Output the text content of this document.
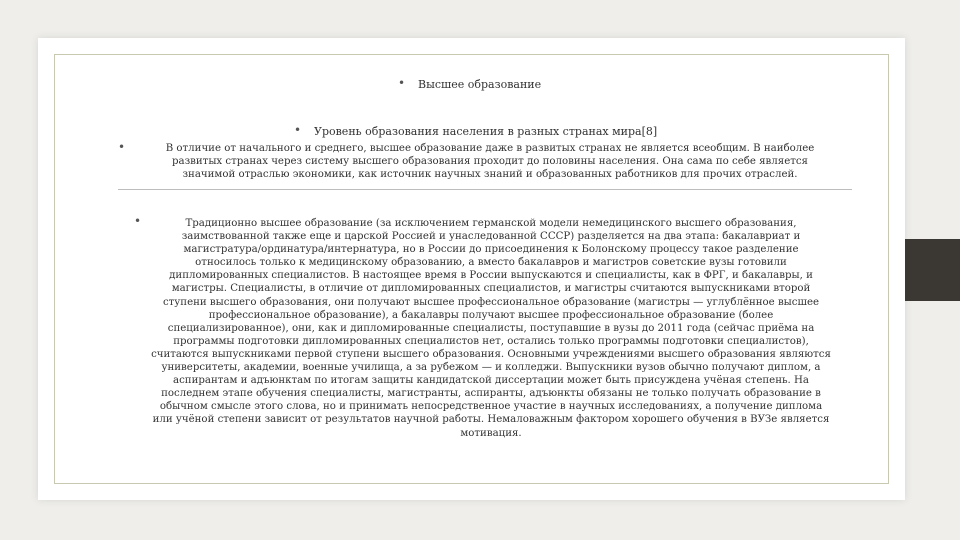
• Высшее образование
• Уровень образования населения в разных странах мира[8]
•	В отличие от начального и среднего, высшее образование даже в развитых странах не является всеобщим. В наиболее
развитых странах через систему высшего образования проходит до половины населения. Она сама по себе является
значимой отраслью экономики, как источник научных знаний и образованных работников для прочих отраслей.
•	Традиционно высшее образование (за исключением германской модели немедицинского высшего образования,
заимствованной также еще и царской Россией и унаследованной СССР) разделяется на два этапа: бакалавриат и
магистратура/ординатура/интернатура, но в России до присоединения к Болонскому процессу такое разделение
относилось только к медицинскому образованию, а вместо бакалавров и магистров советские вузы готовили
дипломированных специалистов. В настоящее время в России выпускаются и специалисты, как в ФРГ, и бакалавры, и
магистры. Специалисты, в отличие от дипломированных специалистов, и магистры считаются выпускниками второй
ступени высшего образования, они получают высшее профессиональное образование (магистры — углублённое высшее
профессиональное образование), а бакалавры получают высшее профессиональное образование (более
специализированное), они, как и дипломированные специалисты, поступавшие в вузы до 2011 года (сейчас приёма на
программы подготовки дипломированных специалистов нет, остались только программы подготовки специалистов),
считаются выпускниками первой ступени высшего образования. Основными учреждениями высшего образования являются
университеты, академии, военные училища, а за рубежом — и колледжи. Выпускники вузов обычно получают диплом, а
аспирантам и адъюнктам по итогам защиты кандидатской диссертации может быть присуждена учёная степень. На
последнем этапе обучения специалисты, магистранты, аспиранты, адъюнкты обязаны не только получать образование в
обычном смысле этого слова, но и принимать непосредственное участие в научных исследованиях, а получение диплома
или учёной степени зависит от результатов научной работы. Немаловажным фактором хорошего обучения в ВУЗе является
мотивация.
